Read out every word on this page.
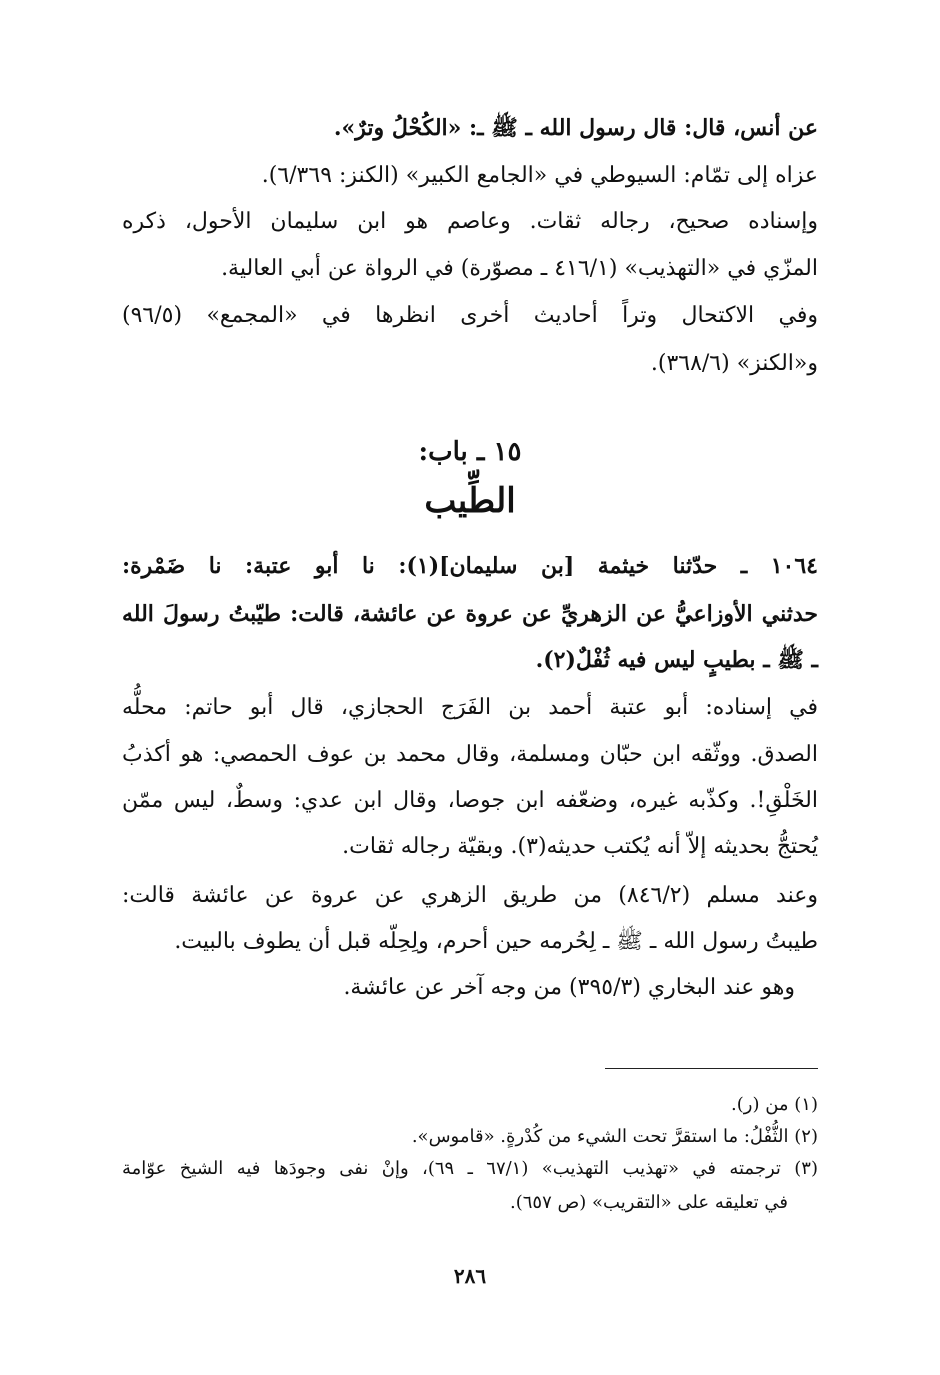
عن أنس، قال: قال رسول الله ـ ﷺ ـ: «الكُحْلُ وترٌ».
عزاه إلى تمّام: السيوطي في «الجامع الكبير» (الكنز: ٦/٣٦٩).
وإسناده صحيح، رجاله ثقات. وعاصم هو ابن سليمان الأحول، ذكره
المزّي في «التهذيب» (٤١٦/١ ـ مصوّرة) في الرواة عن أبي العالية.
وفي الاكتحال وتراً أحاديث أخرى انظرها في «المجمع» (٩٦/٥)
و«الكنز» (٣٦٨/٦).
١٥ ـ باب:
الطِّيب
١٠٦٤ ـ حدّثنا خيثمة [بن سليمان](١): نا أبو عتبة: نا ضَمْرة:
حدثني الأوزاعيُّ عن الزهريِّ عن عروة عن عائشة، قالت: طيّبتُ رسولَ الله
ـ ﷺ ـ بطيبٍ ليس فيه ثُفْلٌ(٢).
في إسناده: أبو عتبة أحمد بن الفَرَج الحجازي، قال أبو حاتم: محلُّه
الصدق. ووثّقه ابن حبّان ومسلمة، وقال محمد بن عوف الحمصي: هو أكذبُ
الخَلْقِ!. وكذّبه غيره، وضعّفه ابن جوصا، وقال ابن عدي: وسطٌ، ليس ممّن
يُحتجُّ بحديثه إلاّ أنه يُكتب حديثه(٣). وبقيّة رجاله ثقات.
وعند مسلم (٨٤٦/٢) من طريق الزهري عن عروة عن عائشة قالت:
طيبتُ رسول الله ـ ﷺ ـ لِحُرمه حين أحرم، ولِحِلّه قبل أن يطوف بالبيت.
وهو عند البخاري (٣٩٥/٣) من وجه آخر عن عائشة.
(١) من (ر).
(٢) الثُّفْلُ: ما استقرَّ تحت الشيء من كُدْرةٍ. «قاموس».
(٣) ترجمته في «تهذيب التهذيب» (٦٧/١ ـ ٦٩)، وإنْ نفى وجودَها فيه الشيخ عوّامة
في تعليقه على «التقريب» (ص ٦٥٧).
٢٨٦
